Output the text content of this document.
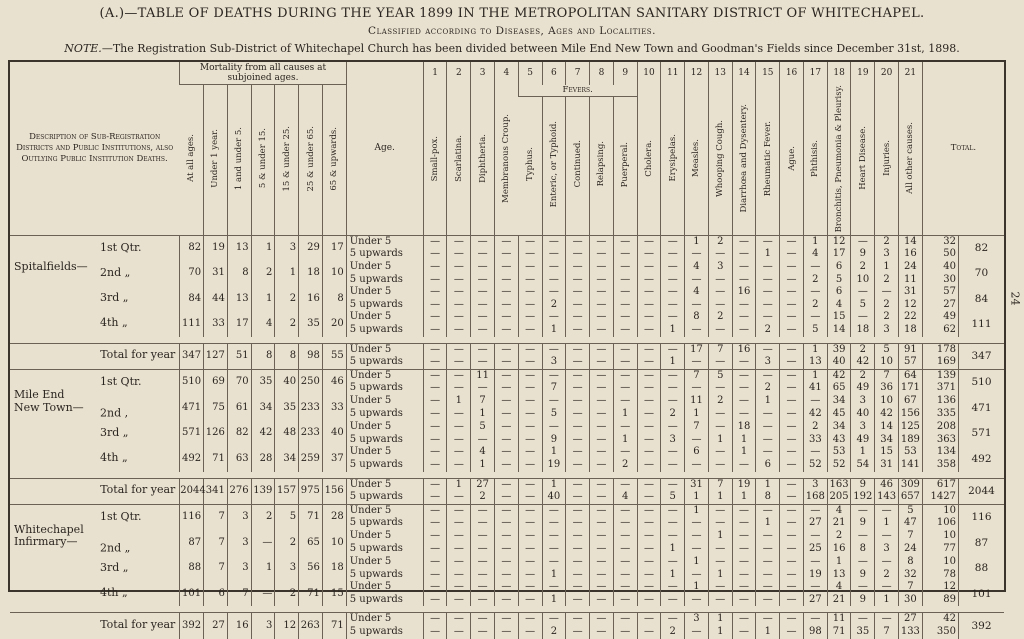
(A.)—TABLE OF DEATHS DURING THE YEAR 1899 IN THE METROPOLITAN SANITARY DISTRICT OF WHITECHAPEL.
Classified according to Diseases, Ages and Localities.
NOTE.—The Registration Sub-District of Whitechapel Church has been divided between Mile End New Town and Goodman's Fields since December 31st, 1898.
24
Description of Sub-Registration Districts and Public Institutions, also Outlying Public Institution Deaths.	Mortality from all causes at subjoined ages.							Age.	1	2	3	4	5	6	7	8	9	10	11	12	13	14	15	16	17	18	19	20	21	Total.	
	At all ages.	Under 1 year.	1 and under 5.	5 & under 15.	15 & under 25.	25 & under 65.	65 & upwards.		Small-pox.	Scarlatina.	Diphtheria.	Membranous Croup.	Fevers.					Cholera.	Erysipelas.	Measles.	Whooping Cough.	Diarrhœa and Dysentery.	Rheumatic Fever.	Ague.	Phthisis.	Bronchitis, Pneumonia & Pleurisy.	Heart Disease.	Injuries.	All other causes.		
													Typhus.	Enteric, or Typhoid.	Continued.	Relapsing.	Puerperal.														
1st Qtr.	82	19	13	1	3	29	17	Under 5	—	—	—	—	—	—	—	—	—	—	—	1	2	—	—	—	1	12	—	2	14	32	82
								5 upwards	—	—	—	—	—	—	—	—	—	—	—	—	—	—	1	—	4	17	9	3	16	50	
Spitalfields— 2nd „	70	31	8	2	1	18	10	Under 5	—	—	—	—	—	—	—	—	—	—	—	4	3	—	—	—	—	6	2	1	24	40	70
								5 upwards	—	—	—	—	—	—	—	—	—	—	—	—	—	—	—	—	2	5	10	2	11	30	
3rd „	84	44	13	1	2	16	8	Under 5	—	—	—	—	—	—	—	—	—	—	—	4	—	16	—	—	—	6	—	—	31	57	84
								5 upwards	—	—	—	—	—	2	—	—	—	—	—	—	—	—	—	—	2	4	5	2	12	27	
4th „	111	33	17	4	2	35	20	Under 5	—	—	—	—	—	—	—	—	—	—	—	8	2	—	—	—	—	15	—	2	22	49	111
								5 upwards	—	—	—	—	—	1	—	—	—	—	1	—	—	—	2	—	5	14	18	3	18	62	

Total for year	347	127	51	8	8	98	55	Under 5	—	—	—	—	—	—	—	—	—	—	—	17	7	16	—	—	1	39	2	5	91	178	347
								5 upwards	—	—	—	—	—	3	—	—	—	—	1	—	—	—	3	—	13	40	42	10	57	169	
1st Qtr.	510	69	70	35	40	250	46	Under 5	—	—	11	—	—	—	—	—	—	—	—	7	5	—	—	—	1	42	2	7	64	139	510
								5 upwards	—	—	—	—	—	7	—	—	—	—	—	—	—	—	2	—	41	65	49	36	171	371	
Mile End
New Town— 2nd ,	471	75	61	34	35	233	33	Under 5	—	1	7	—	—	—	—	—	—	—	—	11	2	—	1	—	—	34	3	10	67	136	471
								5 upwards	—	—	1	—	—	5	—	—	1	—	2	1	—	—	—	—	42	45	40	42	156	335	
3rd „	571	126	82	42	48	233	40	Under 5	—	—	5	—	—	—	—	—	—	—	—	7	—	18	—	—	2	34	3	14	125	208	571
								5 upwards	—	—	—	—	—	9	—	—	1	—	3	—	1	1	—	—	33	43	49	34	189	363	
4th „	492	71	63	28	34	259	37	Under 5	—	—	4	—	—	1	—	—	—	—	—	6	—	1	—	—	—	53	1	15	53	134	492
								5 upwards	—	—	1	—	—	19	—	—	2	—	—	—	—	—	6	—	52	52	54	31	141	358	

Total for year	2044	341	276	139	157	975	156	Under 5	—	1	27	—	—	1	—	—	—	—	—	31	7	19	1	—	3	163	9	46	309	617	2044
								5 upwards	—	—	2	—	—	40	—	—	4	—	5	1	1	1	8	—	168	205	192	143	657	1427	
1st Qtr.	116	7	3	2	5	71	28	Under 5	—	—	—	—	—	—	—	—	—	—	—	1	—	—	—	—	—	4	—	—	5	10	116
								5 upwards	—	—	—	—	—	—	—	—	—	—	—	—	—	—	1	—	27	21	9	1	47	106	
Whitechapel
Infirmary— 2nd „	87	7	3	—	2	65	10	Under 5	—	—	—	—	—	—	—	—	—	—	—	—	1	—	—	—	—	2	—	—	7	10	87
								5 upwards	—	—	—	—	—	—	—	—	—	—	1	—	—	—	—	—	25	16	8	3	24	77	
3rd „	88	7	3	1	3	56	18	Under 5	—	—	—	—	—	—	—	—	—	—	—	1	—	—	—	—	—	1	—	—	8	10	88
								5 upwards	—	—	—	—	—	1	—	—	—	—	1	—	1	—	—	—	19	13	9	2	32	78	
4th „	101	6	7	—	2	71	15	Under 5	—	—	—	—	—	—	—	—	—	—	—	1	—	—	—	—	—	4	—	—	7	12	101
								5 upwards	—	—	—	—	—	1	—	—	—	—	—	—	—	—	—	—	27	21	9	1	30	89	

Total for year	392	27	16	3	12	263	71	Under 5	—	—	—	—	—	—	—	—	—	—	—	3	1	—	—	—	—	11	—	—	27	42	392
								5 upwards	—	—	—	—	—	2	—	—	—	—	2	—	1	—	1	—	98	71	35	7	133	350	
